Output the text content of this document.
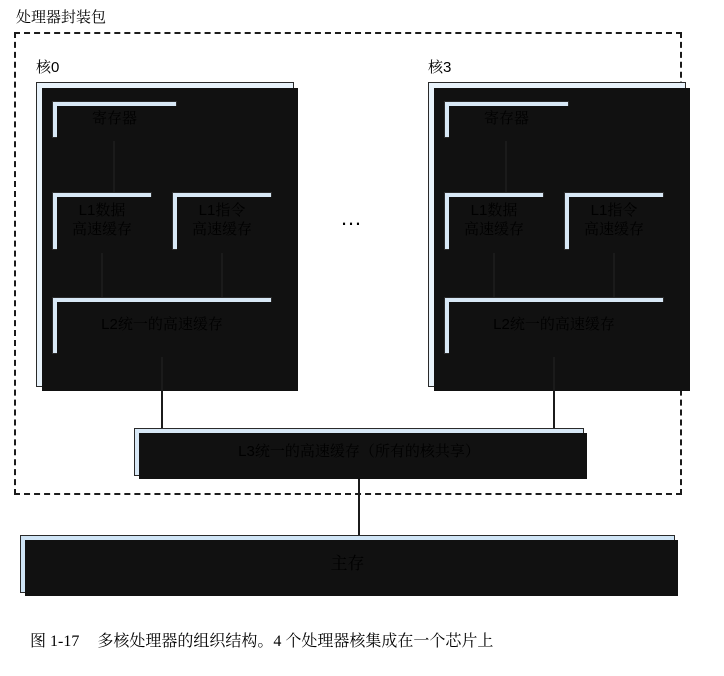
处理器封装包
核0
寄存器
L1数据
高速缓存
L1指令
高速缓存
L2统一的高速缓存
…
核3
寄存器
L1数据
高速缓存
L1指令
高速缓存
L2统一的高速缓存
L3统一的高速缓存（所有的核共享）
主存
图 1-17 多核处理器的组织结构。4 个处理器核集成在一个芯片上
